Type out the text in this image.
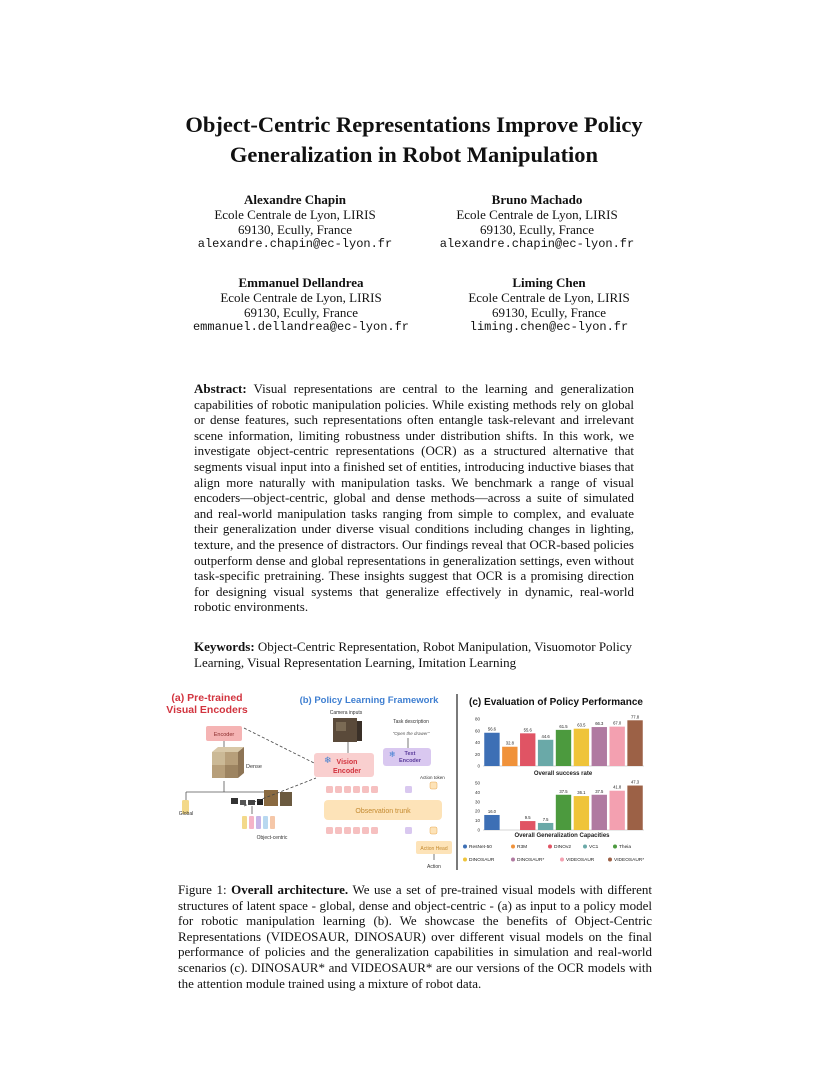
Object-Centric Representations Improve Policy
Generalization in Robot Manipulation
Alexandre Chapin
Ecole Centrale de Lyon, LIRIS
69130, Ecully, France
alexandre.chapin@ec-lyon.fr
Bruno Machado
Ecole Centrale de Lyon, LIRIS
69130, Ecully, France
alexandre.chapin@ec-lyon.fr
Emmanuel Dellandrea
Ecole Centrale de Lyon, LIRIS
69130, Ecully, France
emmanuel.dellandrea@ec-lyon.fr
Liming Chen
Ecole Centrale de Lyon, LIRIS
69130, Ecully, France
liming.chen@ec-lyon.fr
Abstract: Visual representations are central to the learning and generalization capabilities of robotic manipulation policies. While existing methods rely on global or dense features, such representations often entangle task-relevant and irrelevant scene information, limiting robustness under distribution shifts. In this work, we investigate object-centric representations (OCR) as a structured alternative that segments visual input into a finished set of entities, introducing inductive biases that align more naturally with manipulation tasks. We benchmark a range of visual encoders—object-centric, global and dense methods—across a suite of simulated and real-world manipulation tasks ranging from simple to complex, and evaluate their generalization under diverse visual conditions including changes in lighting, texture, and the presence of distractors. Our findings reveal that OCR-based policies outperform dense and global representations in generalization settings, even without task-specific pretraining. These insights suggest that OCR is a promising direction for designing visual systems that generalize effectively in dynamic, real-world robotic environments.
Keywords: Object-Centric Representation, Robot Manipulation, Visuomotor Policy Learning, Visual Representation Learning, Imitation Learning
(a) Pre-trained
Visual Encoders
Encoder
Dense
Global
Object-centric
(b) Policy Learning Framework
Camera inputs
Task description
"Open the drawer"
❄ Vision
Encoder
❄ Text
Encoder
Action token
Observation trunk
Action Head
Action
(c) Evaluation of Policy Performance
0
20
40
60
80
56.6
32.8
55.6
44.6
61.5 63.5 66.3 67.0
77.8
Overall success rate
0
10
20
30
40
50
16.0
9.5	7.5
37.5 36.1 37.5
41.8
47.3
Overall Generalization Capacities
ResNet-50	R3M	DINOv2	VC1	Theia
DINOSAUR	DINOSAUR*	VIDEOSAUR	VIDEOSAUR*
Figure 1: Overall architecture. We use a set of pre-trained visual models with different structures of latent space - global, dense and object-centric - (a) as input to a policy model for robotic manipulation learning (b). We showcase the benefits of Object-Centric Representations (VIDEOSAUR, DINOSAUR) over different visual models on the final performance of policies and the generalization capabilities in simulation and real-world scenarios (c). DINOSAUR* and VIDEOSAUR* are our versions of the OCR models with the attention module trained using a mixture of robot data.
